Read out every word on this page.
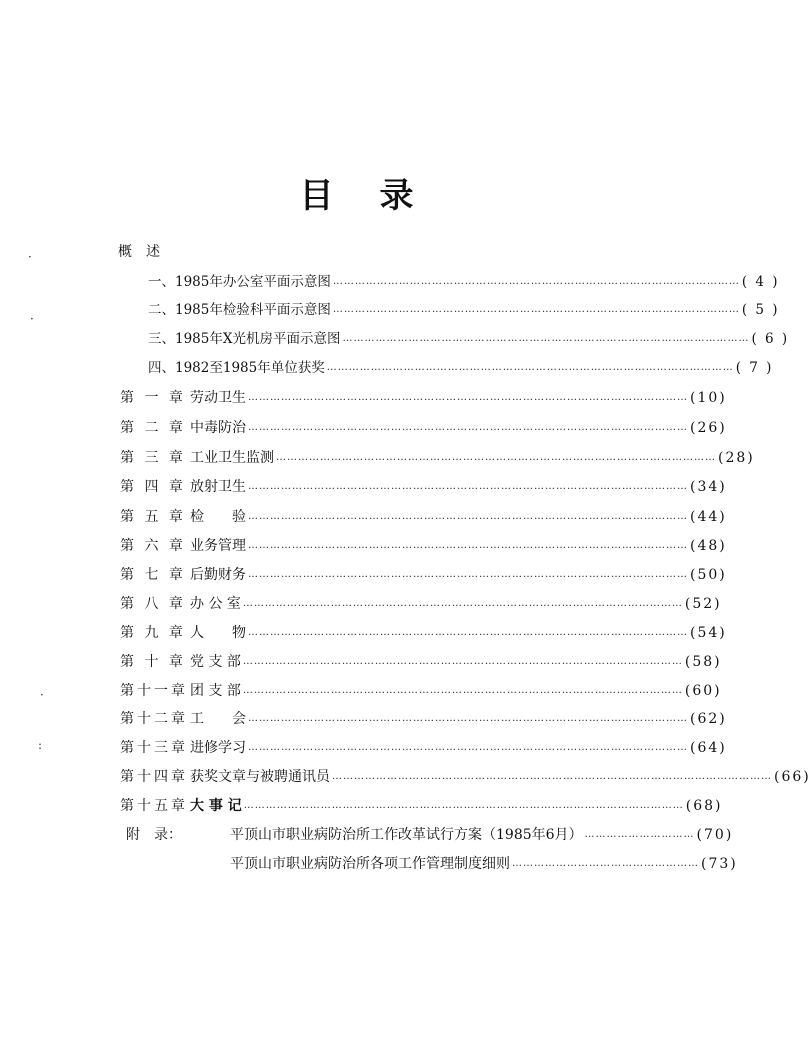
目 录
概　述
一、1985年办公室平面示意图 ………………………………………………………………………………………………… ( 4 )
二、1985年检验科平面示意图 ………………………………………………………………………………………………… ( 5 )
三、1985年X光机房平面示意图 ………………………………………………………………………………………………… ( 6 )
四、1982至1985年单位获奖 ………………………………………………………………………………………………… ( 7 )
第 一 章 劳动卫生 ………………………………………………………………………………………………………… (10)
第 二 章 中毒防治 ………………………………………………………………………………………………………… (26)
第 三 章 工业卫生监测 ………………………………………………………………………………………………………… (28)
第 四 章 放射卫生 ………………………………………………………………………………………………………… (34)
第 五 章 检　　验 ………………………………………………………………………………………………………… (44)
第 六 章 业务管理 ………………………………………………………………………………………………………… (48)
第 七 章 后勤财务 ………………………………………………………………………………………………………… (50)
第 八 章 办 公 室 ………………………………………………………………………………………………………… (52)
第 九 章 人　　物 ………………………………………………………………………………………………………… (54)
第 十 章 党 支 部 ………………………………………………………………………………………………………… (58)
第十一章 团 支 部 ………………………………………………………………………………………………………… (60)
第十二章 工　　会 ………………………………………………………………………………………………………… (62)
第十三章 进修学习 ………………………………………………………………………………………………………… (64)
第十四章 获奖文章与被聘通讯员 ………………………………………………………………………………………………………… (66)
第十五章 大 事 记 ………………………………………………………………………………………………………… (68)
附　录：	平顶山市职业病防治所工作改革试行方案（1985年6月） ………………………… (70)
平顶山市职业病防治所各项工作管理制度细则 …………………………………………… (73)
·
·
·
:
